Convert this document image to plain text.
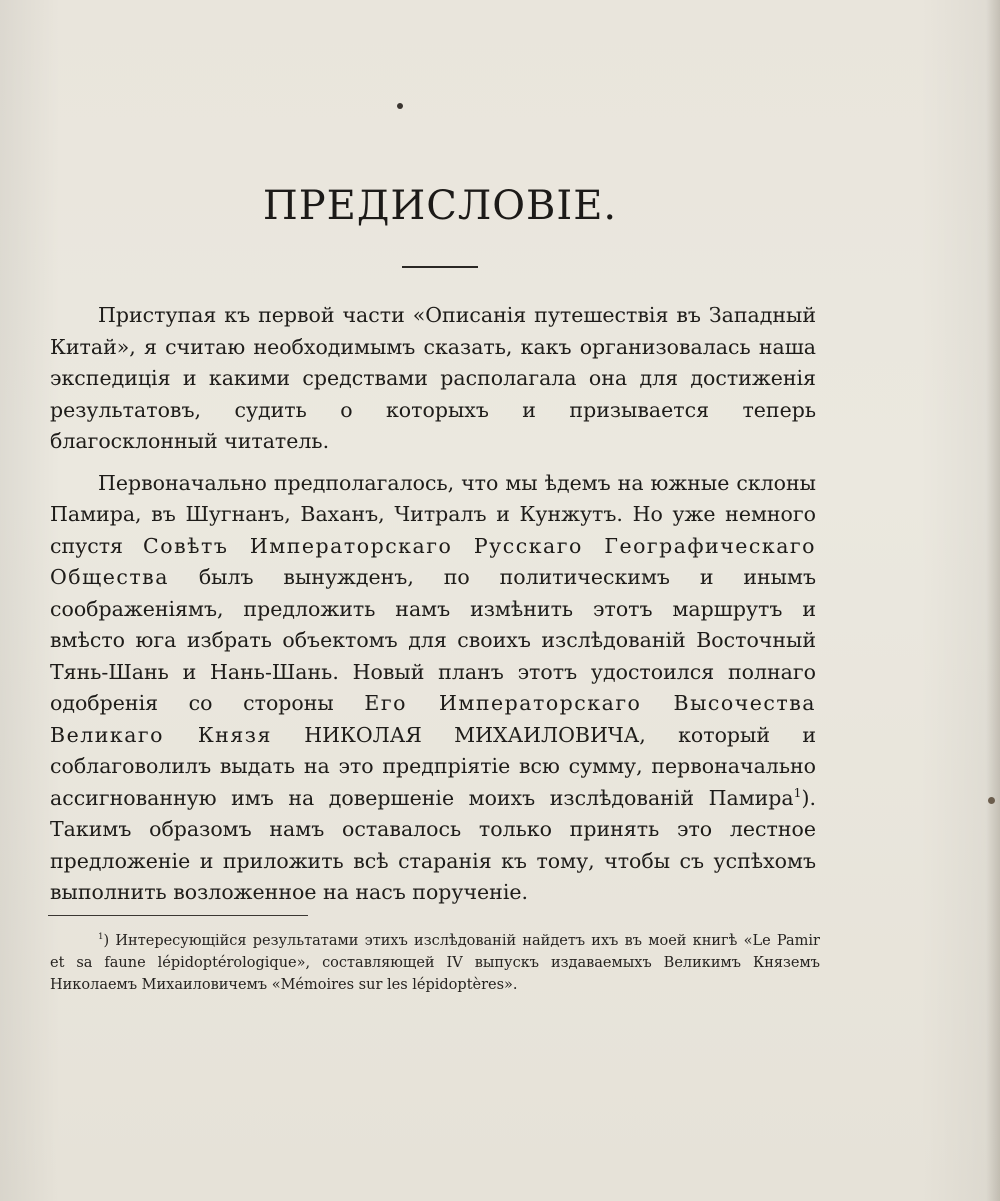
ПРЕДИСЛОВІЕ.

Приступая къ первой части «Описанія путешествія въ Западный Китай», я считаю необходимымъ сказать, какъ организовалась наша экспедиція и какими средствами располагала она для достиженія результатовъ, судить о которыхъ и призывается теперь благосклонный читатель.

Первоначально предполагалось, что мы ѣдемъ на южные склоны Памира, въ Шугнанъ, Ваханъ, Читралъ и Кунжутъ. Но уже немного спустя Совѣтъ Императорскаго Русскаго Географическаго Общества былъ вынужденъ, по политическимъ и инымъ соображеніямъ, предложить намъ измѣнить этотъ маршрутъ и вмѣсто юга избрать объектомъ для своихъ изслѣдованій Восточный Тянь-Шань и Нань-Шань. Новый планъ этотъ удостоился полнаго одобренія со стороны Его Императорскаго Высочества Великаго Князя НИКОЛАЯ МИХАИЛОВИЧА, который и соблаговолилъ выдать на это предпріятіе всю сумму, первоначально ассигнованную имъ на довершеніе моихъ изслѣдованій Памира$^1$). Такимъ образомъ намъ оставалось только принять это лестное предложеніе и приложить всѣ старанія къ тому, чтобы съ успѣхомъ выполнить возложенное на насъ порученіе.

$^1$) Интересующійся результатами этихъ изслѣдованій найдетъ ихъ въ моей книгѣ «Le Pamir et sa faune lépidoptérologique», составляющей IV выпускъ издаваемыхъ Великимъ Княземъ Николаемъ Михаиловичемъ «Mémoires sur les lépidoptères».
